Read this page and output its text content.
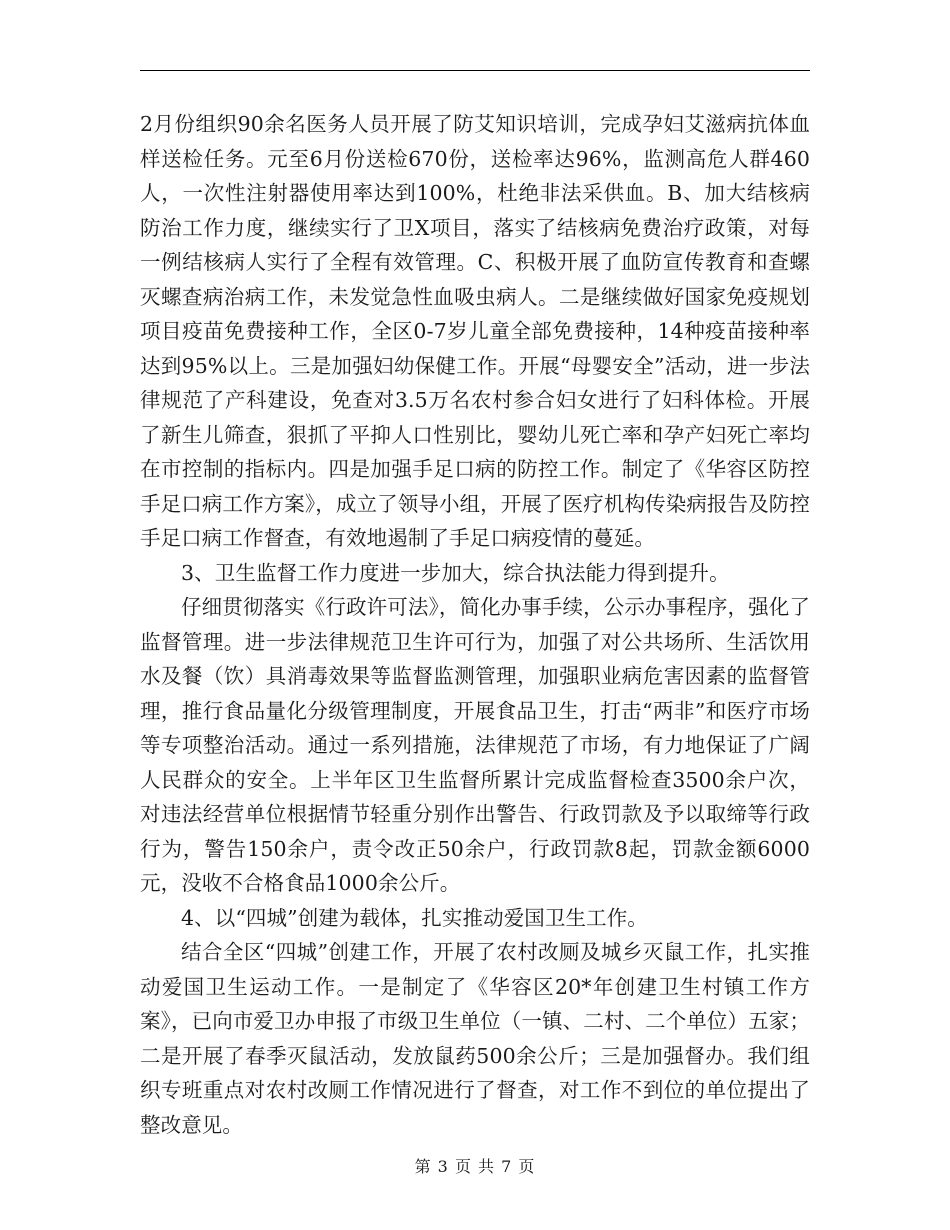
2月份组织90余名医务人员开展了防艾知识培训，完成孕妇艾滋病抗体血样送检任务。元至6月份送检670份，送检率达96%，监测高危人群460人，一次性注射器使用率达到100%，杜绝非法采供血。B、加大结核病防治工作力度，继续实行了卫X项目，落实了结核病免费治疗政策，对每一例结核病人实行了全程有效管理。C、积极开展了血防宣传教育和查螺灭螺查病治病工作，未发觉急性血吸虫病人。二是继续做好国家免疫规划项目疫苗免费接种工作，全区0-7岁儿童全部免费接种，14种疫苗接种率达到95%以上。三是加强妇幼保健工作。开展“母婴安全”活动，进一步法律规范了产科建设，免查对3.5万名农村参合妇女进行了妇科体检。开展了新生儿筛查，狠抓了平抑人口性别比，婴幼儿死亡率和孕产妇死亡率均在市控制的指标内。四是加强手足口病的防控工作。制定了《华容区防控手足口病工作方案》，成立了领导小组，开展了医疗机构传染病报告及防控手足口病工作督查，有效地遏制了手足口病疫情的蔓延。

3、卫生监督工作力度进一步加大，综合执法能力得到提升。

仔细贯彻落实《行政许可法》，简化办事手续，公示办事程序，强化了监督管理。进一步法律规范卫生许可行为，加强了对公共场所、生活饮用水及餐（饮）具消毒效果等监督监测管理，加强职业病危害因素的监督管理，推行食品量化分级管理制度，开展食品卫生，打击“两非”和医疗市场等专项整治活动。通过一系列措施，法律规范了市场，有力地保证了广阔人民群众的安全。上半年区卫生监督所累计完成监督检查3500余户次，对违法经营单位根据情节轻重分别作出警告、行政罚款及予以取缔等行政行为，警告150余户，责令改正50余户，行政罚款8起，罚款金额6000元，没收不合格食品1000余公斤。

4、以“四城”创建为载体，扎实推动爱国卫生工作。

结合全区“四城”创建工作，开展了农村改厕及城乡灭鼠工作，扎实推动爱国卫生运动工作。一是制定了《华容区20*年创建卫生村镇工作方案》，已向市爱卫办申报了市级卫生单位（一镇、二村、二个单位）五家；二是开展了春季灭鼠活动，发放鼠药500余公斤；三是加强督办。我们组织专班重点对农村改厕工作情况进行了督查，对工作不到位的单位提出了整改意见。

第 3 页 共 7 页
